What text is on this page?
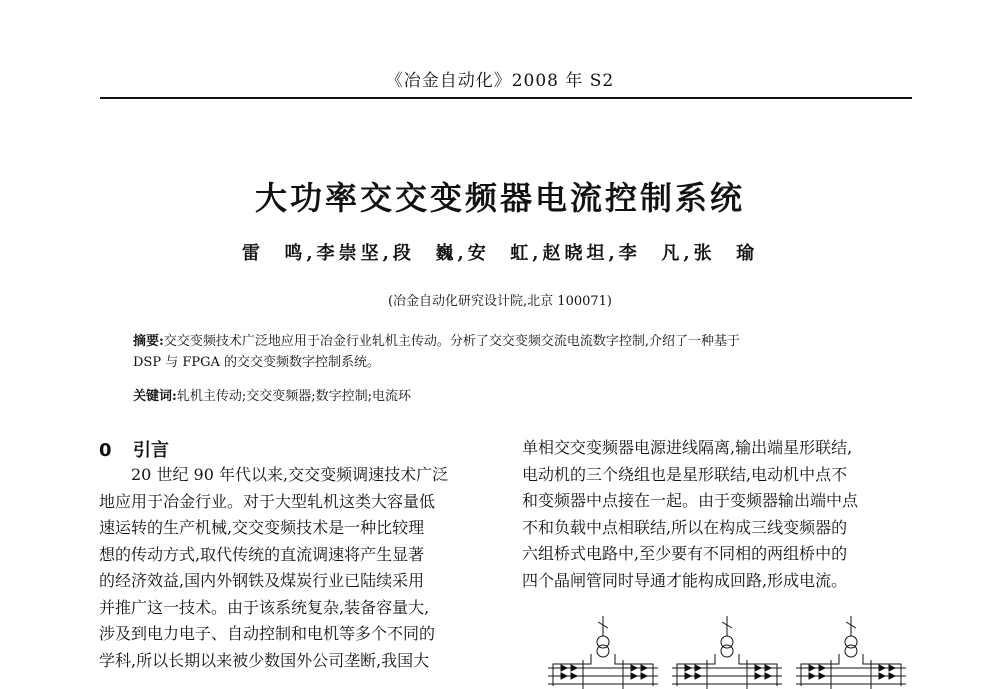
《冶金自动化》2008 年 S2
大功率交交变频器电流控制系统
雷  鸣,李崇坚,段  巍,安  虹,赵晓坦,李  凡,张  瑜
(冶金自动化研究设计院,北京 100071)
摘要:交交变频技术广泛地应用于冶金行业轧机主传动。分析了交交变频交流电流数字控制,介绍了一种基于
DSP 与 FPGA 的交交变频数字控制系统。
关键词:轧机主传动;交交变频器;数字控制;电流环
0 引言
20 世纪 90 年代以来,交交变频调速技术广泛
地应用于冶金行业。对于大型轧机这类大容量低
速运转的生产机械,交交变频技术是一种比较理
想的传动方式,取代传统的直流调速将产生显著
的经济效益,国内外钢铁及煤炭行业已陆续采用
并推广这一技术。由于该系统复杂,装备容量大,
涉及到电力电子、自动控制和电机等多个不同的
学科,所以长期以来被少数国外公司垄断,我国大
单相交交变频器电源进线隔离,输出端星形联结,
电动机的三个绕组也是星形联结,电动机中点不
和变频器中点接在一起。由于变频器输出端中点
不和负载中点相联结,所以在构成三线变频器的
六组桥式电路中,至少要有不同相的两组桥中的
四个晶闸管同时导通才能构成回路,形成电流。
